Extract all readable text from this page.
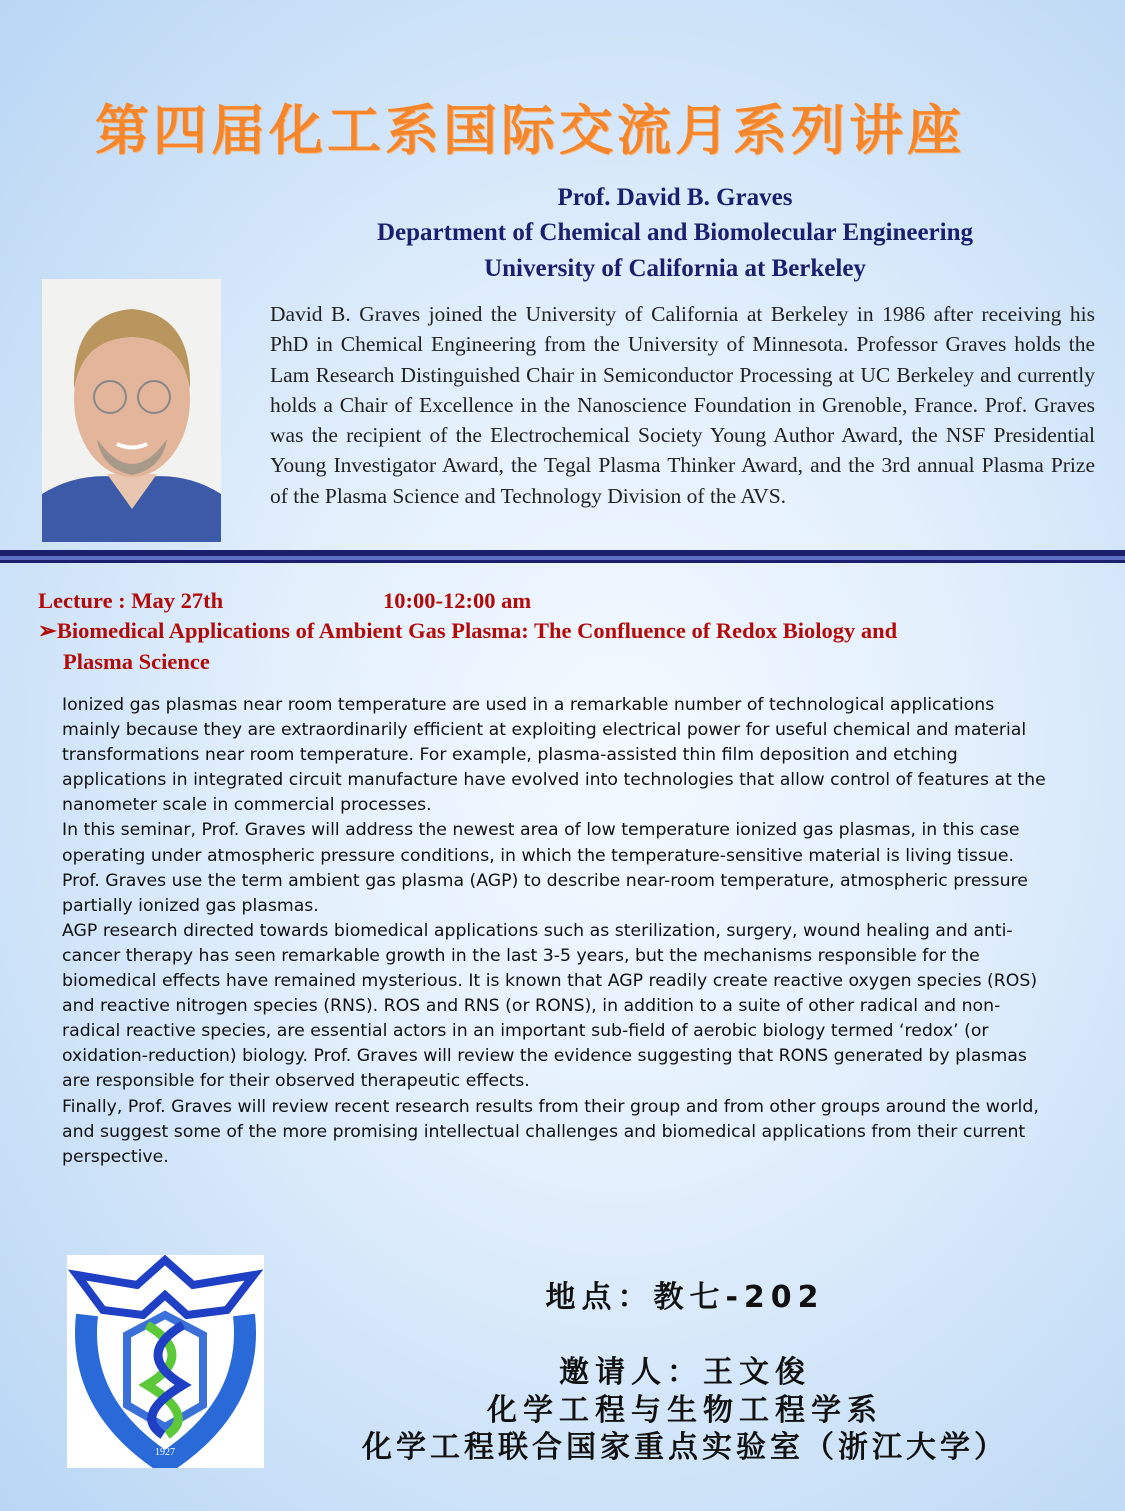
第四届化工系国际交流月系列讲座
Prof. David B. Graves
Department of Chemical and Biomolecular Engineering
University of California at Berkeley
David B. Graves joined the University of California at Berkeley in 1986 after receiving his PhD in Chemical Engineering from the University of Minnesota. Professor Graves holds the Lam Research Distinguished Chair in Semiconductor Processing at UC Berkeley and currently holds a Chair of Excellence in the Nanoscience Foundation in Grenoble, France. Prof. Graves was the recipient of the Electrochemical Society Young Author Award, the NSF Presidential Young Investigator Award, the Tegal Plasma Thinker Award, and the 3rd annual Plasma Prize of the Plasma Science and Technology Division of the AVS.
Lecture : May 27th	10:00-12:00 am
➢Biomedical Applications of Ambient Gas Plasma: The Confluence of Redox Biology and
Plasma Science

Ionized gas plasmas near room temperature are used in a remarkable number of technological applications mainly because they are extraordinarily efficient at exploiting electrical power for useful chemical and material transformations near room temperature. For example, plasma-assisted thin film deposition and etching applications in integrated circuit manufacture have evolved into technologies that allow control of features at the nanometer scale in commercial processes.

In this seminar, Prof. Graves will address the newest area of low temperature ionized gas plasmas, in this case operating under atmospheric pressure conditions, in which the temperature-sensitive material is living tissue. Prof. Graves use the term ambient gas plasma (AGP) to describe near-room temperature, atmospheric pressure partially ionized gas plasmas.

AGP research directed towards biomedical applications such as sterilization, surgery, wound healing and anti-cancer therapy has seen remarkable growth in the last 3-5 years, but the mechanisms responsible for the biomedical effects have remained mysterious. It is known that AGP readily create reactive oxygen species (ROS) and reactive nitrogen species (RNS). ROS and RNS (or RONS), in addition to a suite of other radical and non-radical reactive species, are essential actors in an important sub-field of aerobic biology termed ‘redox’ (or oxidation-reduction) biology. Prof. Graves will review the evidence suggesting that RONS generated by plasmas are responsible for their observed therapeutic effects.

Finally, Prof. Graves will review recent research results from their group and from other groups around the world, and suggest some of the more promising intellectual challenges and biomedical applications from their current perspective.

1927
地点：教七-202
邀请人：王文俊
化学工程与生物工程学系
化学工程联合国家重点实验室（浙江大学）
